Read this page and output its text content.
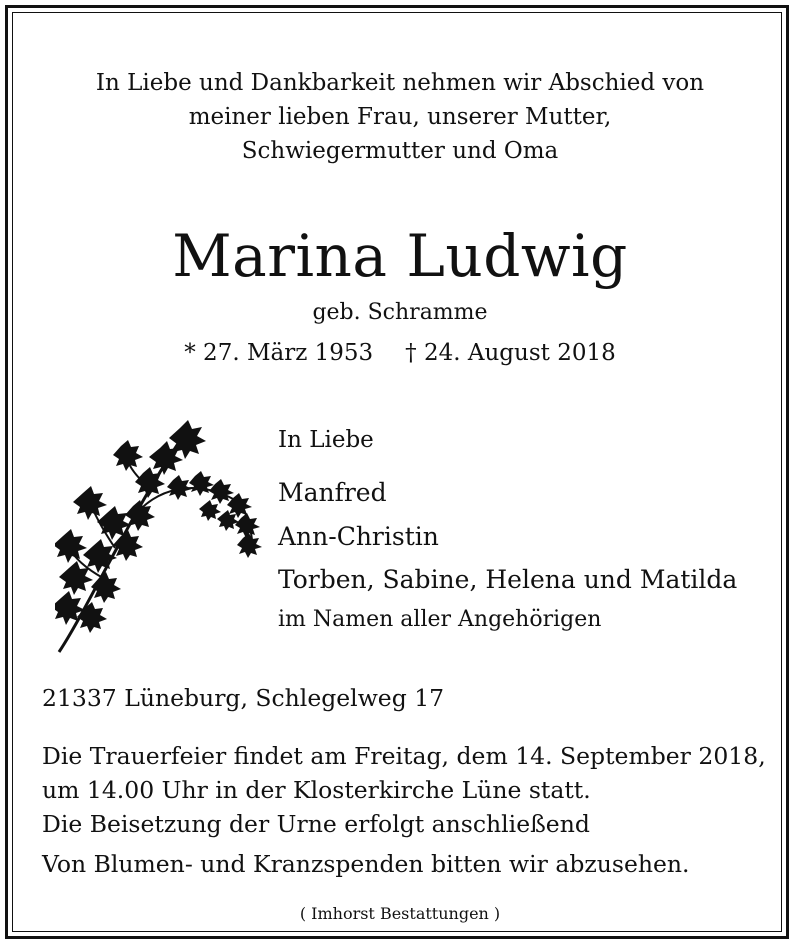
In Liebe und Dankbarkeit nehmen wir Abschied von
meiner lieben Frau, unserer Mutter,
Schwiegermutter und Oma
Marina Ludwig
geb. Schramme
* 27. März 1953 † 24. August 2018
In Liebe
Manfred
Ann-Christin
Torben, Sabine, Helena und Matilda
im Namen aller Angehörigen
21337 Lüneburg, Schlegelweg 17
Die Trauerfeier findet am Freitag, dem 14. September 2018,
um 14.00 Uhr in der Klosterkirche Lüne statt.
Die Beisetzung der Urne erfolgt anschließend
Von Blumen- und Kranzspenden bitten wir abzusehen.
( Imhorst Bestattungen )
